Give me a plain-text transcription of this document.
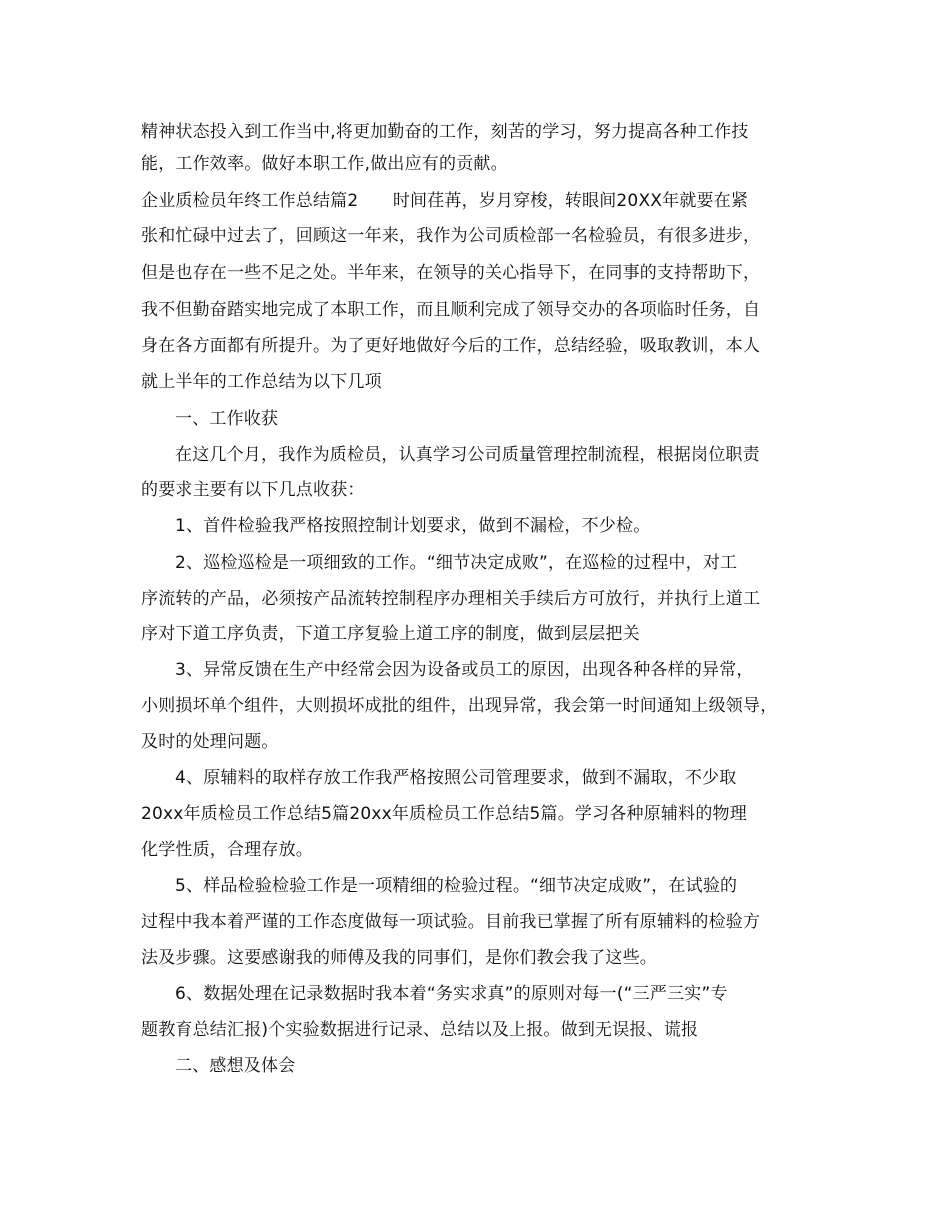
精神状态投入到工作当中,将更加勤奋的工作，刻苦的学习，努力提高各种工作技
能，工作效率。做好本职工作,做出应有的贡献。
企业质检员年终工作总结篇2　　时间荏苒，岁月穿梭，转眼间20XX年就要在紧
张和忙碌中过去了，回顾这一年来，我作为公司质检部一名检验员，有很多进步，
但是也存在一些不足之处。半年来，在领导的关心指导下，在同事的支持帮助下，
我不但勤奋踏实地完成了本职工作，而且顺利完成了领导交办的各项临时任务，自
身在各方面都有所提升。为了更好地做好今后的工作，总结经验，吸取教训，本人
就上半年的工作总结为以下几项
一、工作收获
在这几个月，我作为质检员，认真学习公司质量管理控制流程，根据岗位职责
的要求主要有以下几点收获：
1、首件检验我严格按照控制计划要求，做到不漏检，不少检。
2、巡检巡检是一项细致的工作。“细节决定成败”，在巡检的过程中，对工
序流转的产品，必须按产品流转控制程序办理相关手续后方可放行，并执行上道工
序对下道工序负责，下道工序复验上道工序的制度，做到层层把关
3、异常反馈在生产中经常会因为设备或员工的原因，出现各种各样的异常，
小则损坏单个组件，大则损坏成批的组件，出现异常，我会第一时间通知上级领导，
及时的处理问题。
4、原辅料的取样存放工作我严格按照公司管理要求，做到不漏取，不少取
20xx年质检员工作总结5篇20xx年质检员工作总结5篇。学习各种原辅料的物理
化学性质，合理存放。
5、样品检验检验工作是一项精细的检验过程。“细节决定成败”，在试验的
过程中我本着严谨的工作态度做每一项试验。目前我已掌握了所有原辅料的检验方
法及步骤。这要感谢我的师傅及我的同事们，是你们教会我了这些。
6、数据处理在记录数据时我本着“务实求真”的原则对每一(“三严三实”专
题教育总结汇报)个实验数据进行记录、总结以及上报。做到无误报、谎报
二、感想及体会
